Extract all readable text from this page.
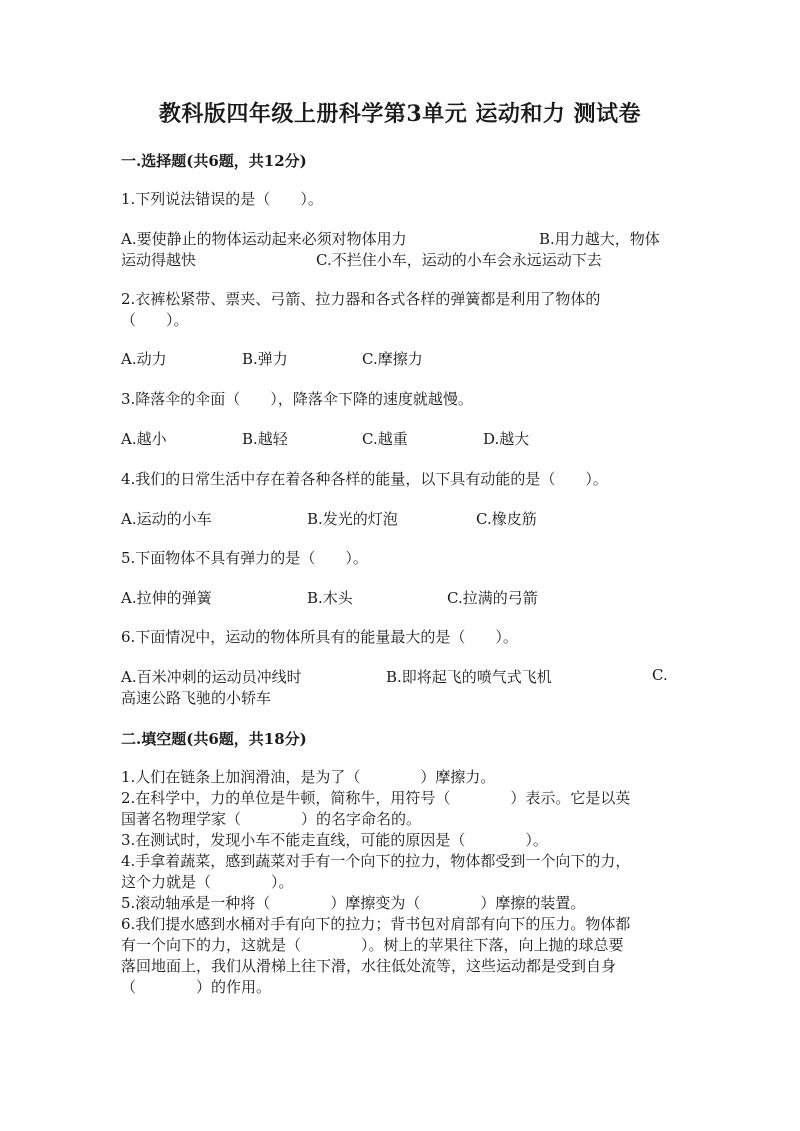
教科版四年级上册科学第3单元 运动和力 测试卷
一.选择题(共6题，共12分)
1.下列说法错误的是（　　）。
A.要使静止的物体运动起来必须对物体用力	B.用力越大，物体
运动得越快	C.不拦住小车，运动的小车会永远运动下去
2.衣裤松紧带、票夹、弓箭、拉力器和各式各样的弹簧都是利用了物体的
（　　）。
A.动力	B.弹力	C.摩擦力
3.降落伞的伞面（　　），降落伞下降的速度就越慢。
A.越小	B.越轻	C.越重	D.越大
4.我们的日常生活中存在着各种各样的能量，以下具有动能的是（　　）。
A.运动的小车	B.发光的灯泡	C.橡皮筋
5.下面物体不具有弹力的是（　　）。
A.拉伸的弹簧	B.木头	C.拉满的弓箭
6.下面情况中，运动的物体所具有的能量最大的是（　　）。
A.百米冲刺的运动员冲线时	B.即将起飞的喷气式飞机	C.
高速公路飞驰的小轿车
二.填空题(共6题，共18分)
1.人们在链条上加润滑油，是为了（　　　　）摩擦力。
2.在科学中，力的单位是牛顿，简称牛，用符号（　　　　）表示。它是以英
国著名物理学家（　　　　）的名字命名的。
3.在测试时，发现小车不能走直线，可能的原因是（　　　　）。
4.手拿着蔬菜，感到蔬菜对手有一个向下的拉力，物体都受到一个向下的力，
这个力就是（　　　　）。
5.滚动轴承是一种将（　　　　）摩擦变为（　　　　）摩擦的装置。
6.我们提水感到水桶对手有向下的拉力；背书包对肩部有向下的压力。物体都
有一个向下的力，这就是（　　　　）。树上的苹果往下落，向上抛的球总要
落回地面上，我们从滑梯上往下滑，水往低处流等，这些运动都是受到自身
（　　　　）的作用。
